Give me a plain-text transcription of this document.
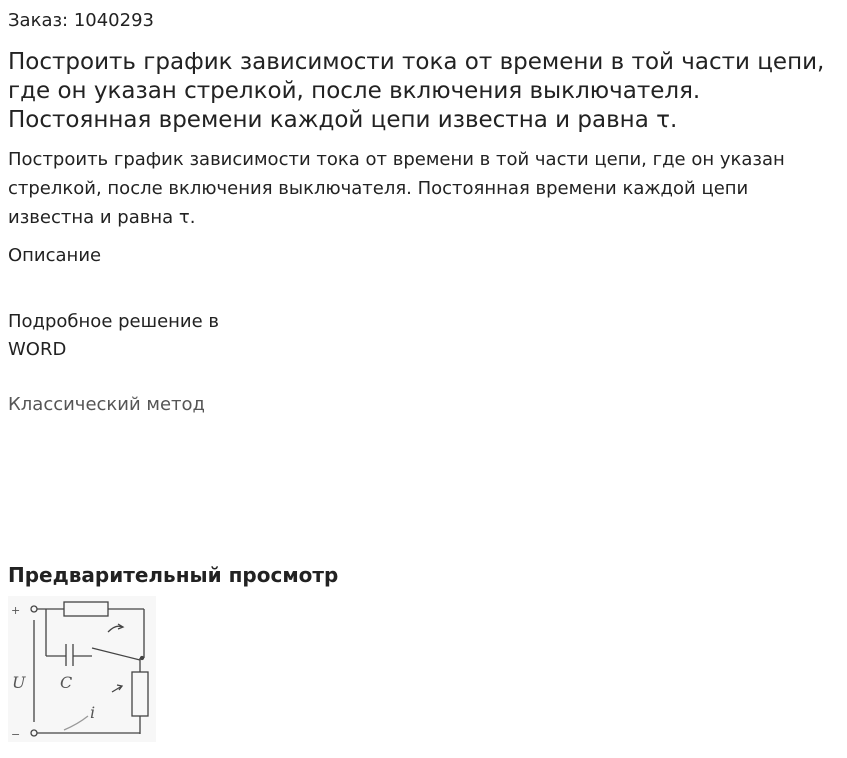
Заказ: 1040293
Построить график зависимости тока от времени в той части цепи, где он указан стрелкой, после включения выключателя. Постоянная времени каждой цепи известна и равна τ.
Построить график зависимости тока от времени в той части цепи, где он указан стрелкой, после включения выключателя. Постоянная времени каждой цепи известна и равна τ.
Описание
Подробное решение в WORD
Классический метод
Предварительный просмотр
+
−
U C
i
